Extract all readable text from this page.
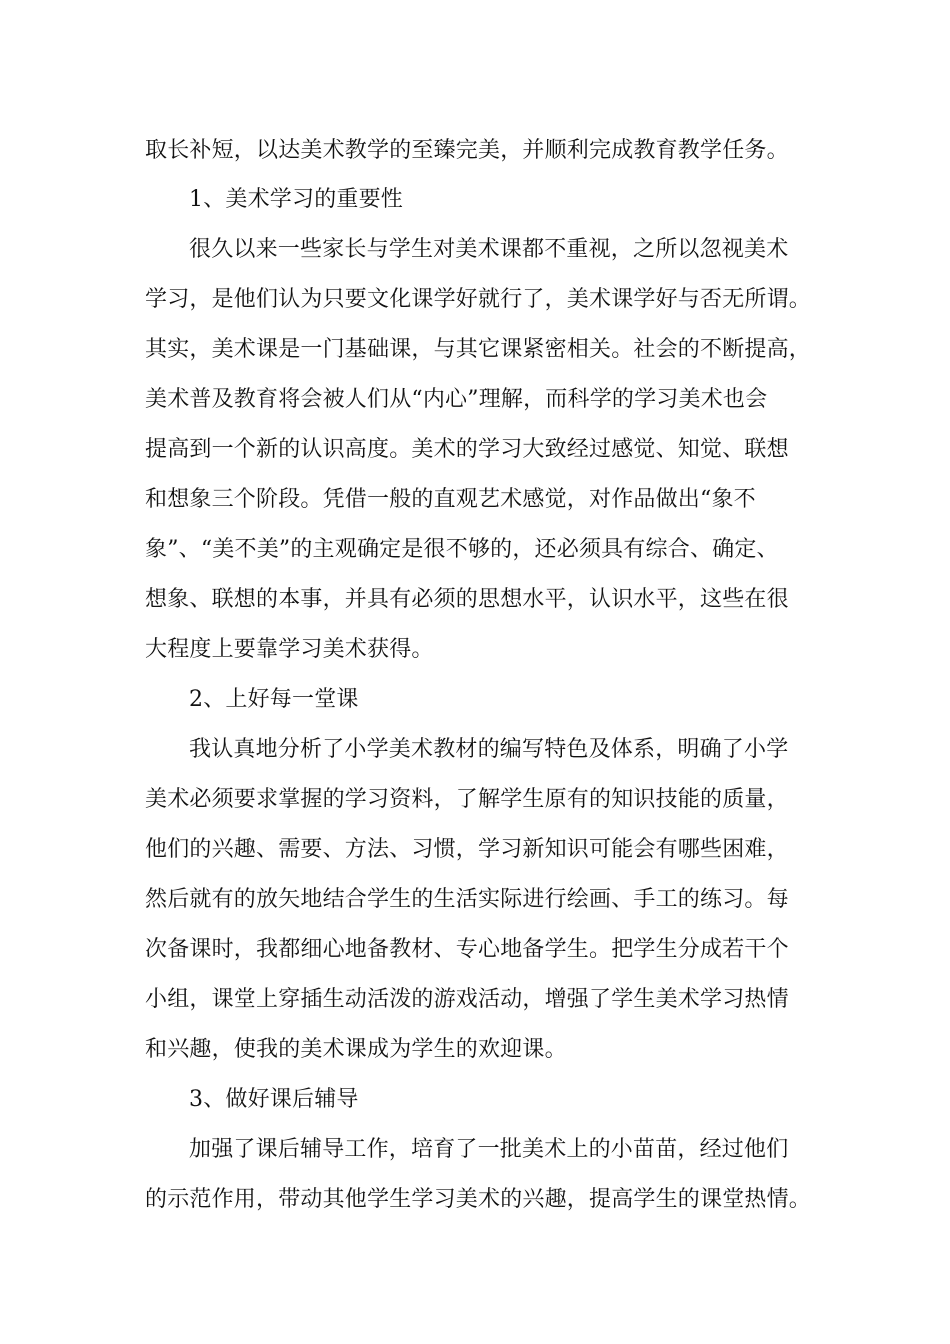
取长补短，以达美术教学的至臻完美，并顺利完成教育教学任务。
1、美术学习的重要性
很久以来一些家长与学生对美术课都不重视，之所以忽视美术
学习，是他们认为只要文化课学好就行了，美术课学好与否无所谓。
其实，美术课是一门基础课，与其它课紧密相关。社会的不断提高，
美术普及教育将会被人们从“内心”理解，而科学的学习美术也会
提高到一个新的认识高度。美术的学习大致经过感觉、知觉、联想
和想象三个阶段。凭借一般的直观艺术感觉，对作品做出“象不
象”、“美不美”的主观确定是很不够的，还必须具有综合、确定、
想象、联想的本事，并具有必须的思想水平，认识水平，这些在很
大程度上要靠学习美术获得。
2、上好每一堂课
我认真地分析了小学美术教材的编写特色及体系，明确了小学
美术必须要求掌握的学习资料，了解学生原有的知识技能的质量，
他们的兴趣、需要、方法、习惯，学习新知识可能会有哪些困难，
然后就有的放矢地结合学生的生活实际进行绘画、手工的练习。每
次备课时，我都细心地备教材、专心地备学生。把学生分成若干个
小组，课堂上穿插生动活泼的游戏活动，增强了学生美术学习热情
和兴趣，使我的美术课成为学生的欢迎课。
3、做好课后辅导
加强了课后辅导工作，培育了一批美术上的小苗苗，经过他们
的示范作用，带动其他学生学习美术的兴趣，提高学生的课堂热情。
